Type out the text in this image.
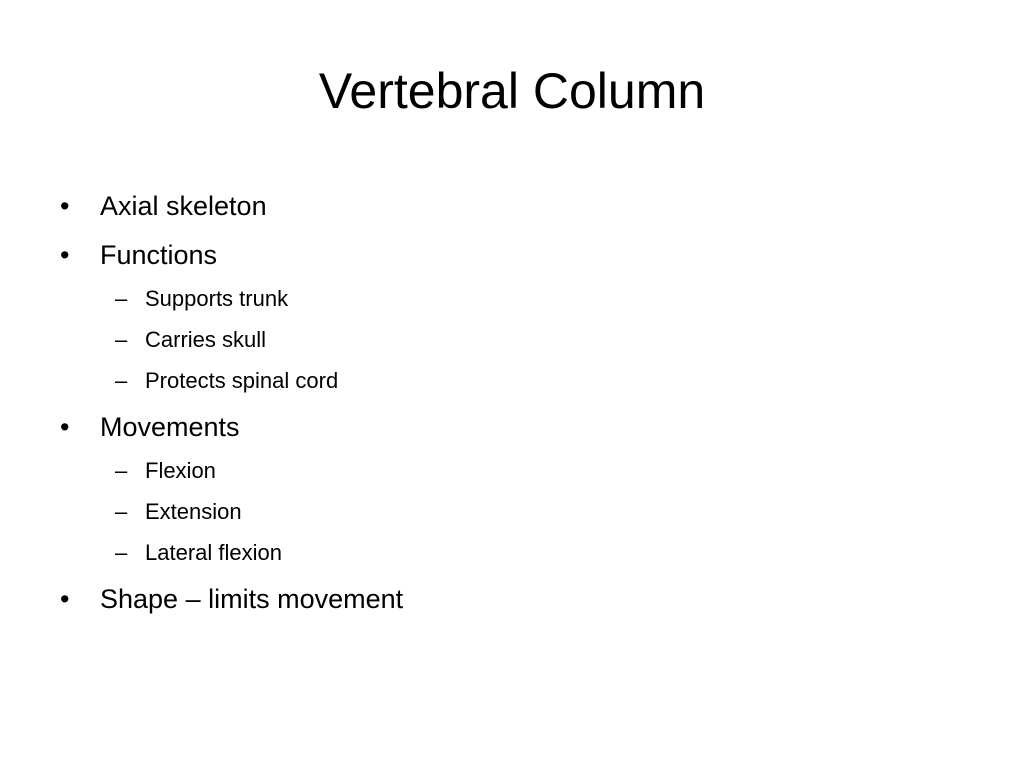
Vertebral Column
•	Axial skeleton
•	Functions
– Supports trunk
– Carries skull
– Protects spinal cord
•	Movements
– Flexion
– Extension
– Lateral flexion
•	Shape – limits movement
